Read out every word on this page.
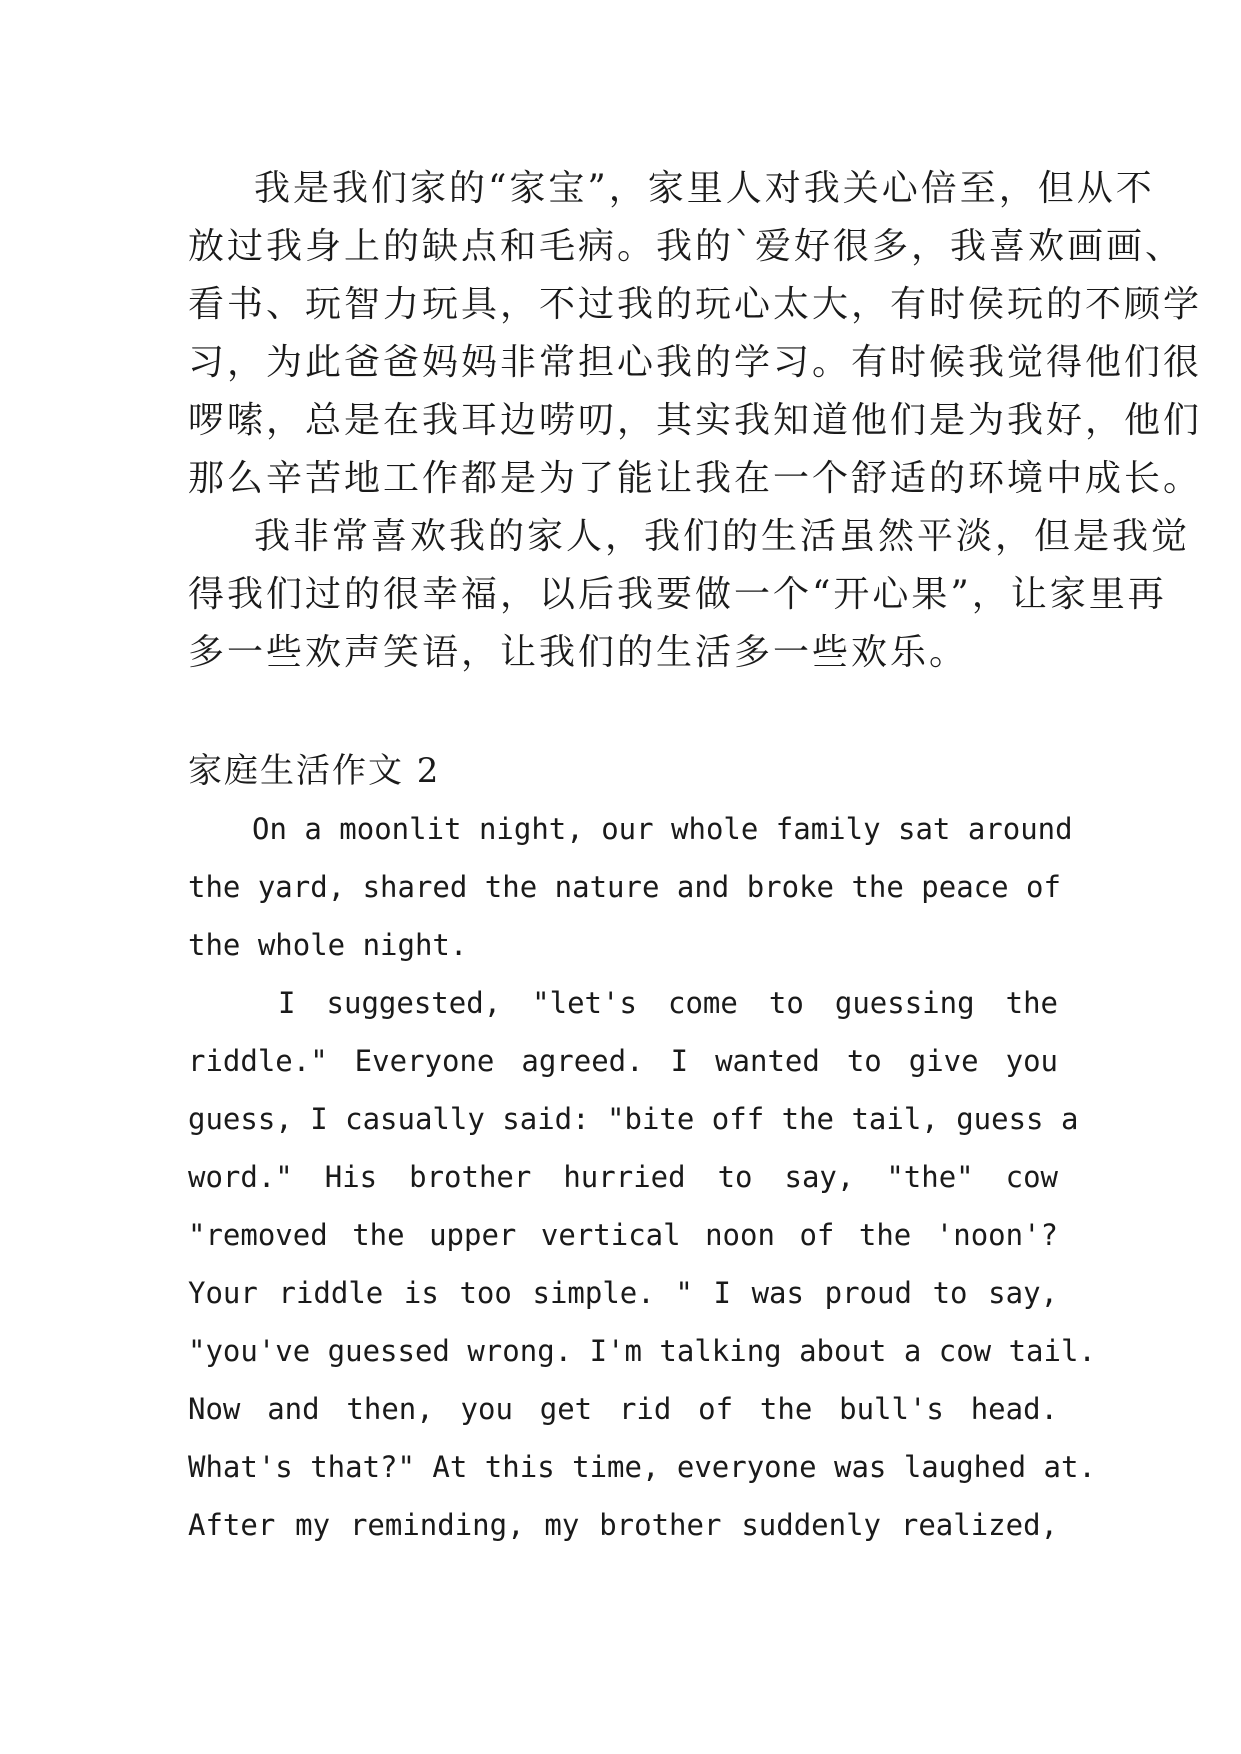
我是我们家的“家宝”，家里人对我关心倍至，但从不
放过我身上的缺点和毛病。我的`爱好很多，我喜欢画画、
看书、玩智力玩具，不过我的玩心太大，有时侯玩的不顾学
习，为此爸爸妈妈非常担心我的学习。有时候我觉得他们很
啰嗦，总是在我耳边唠叨，其实我知道他们是为我好，他们
那么辛苦地工作都是为了能让我在一个舒适的环境中成长。
我非常喜欢我的家人，我们的生活虽然平淡，但是我觉
得我们过的很幸福，以后我要做一个“开心果”，让家里再
多一些欢声笑语，让我们的生活多一些欢乐。
家庭生活作文 2
On a moonlit night, our whole family sat around
the yard, shared the nature and broke the peace of
the whole night.
I suggested, "let's come to guessing the
riddle." Everyone agreed. I wanted to give you
guess, I casually said: "bite off the tail, guess a
word." His brother hurried to say, "the" cow
"removed the upper vertical noon of the 'noon'?
Your riddle is too simple. " I was proud to say,
"you've guessed wrong. I'm talking about a cow tail.
Now and then, you get rid of the bull's head.
What's that?" At this time, everyone was laughed at.
After my reminding, my brother suddenly realized,
